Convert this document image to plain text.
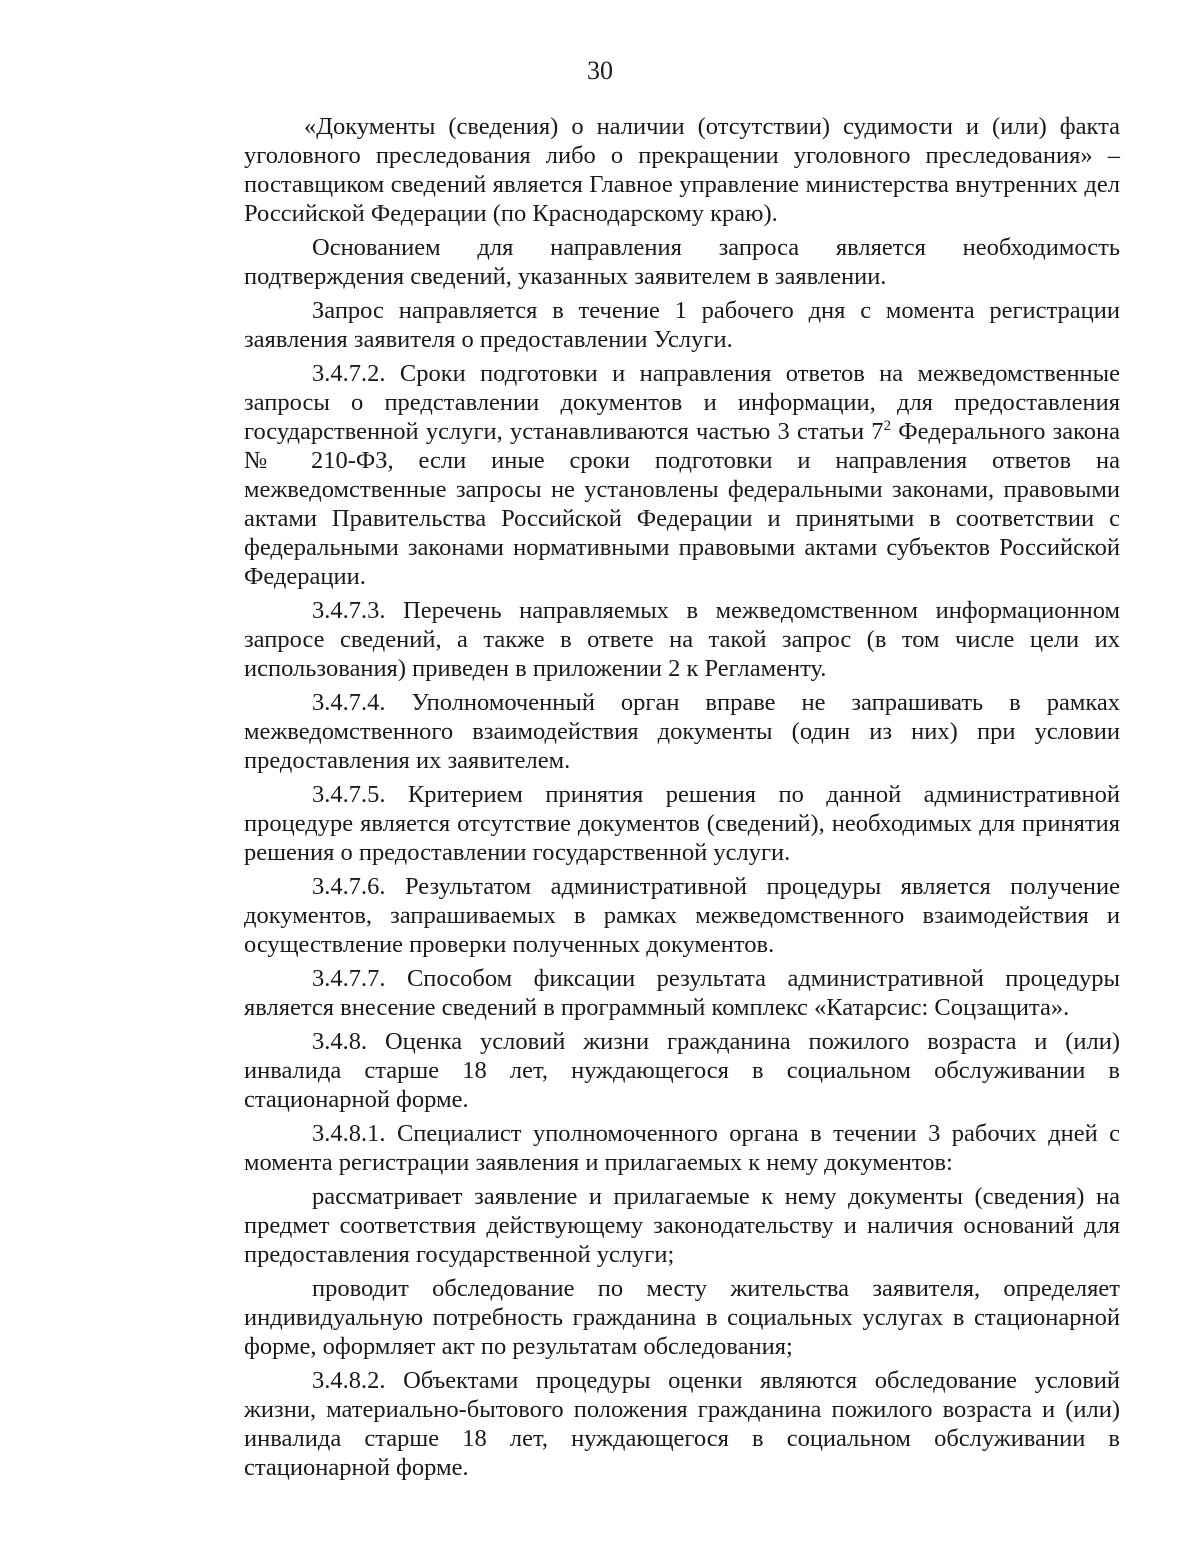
30

«Документы (сведения) о наличии (отсутствии) судимости и (или) факта уголовного преследования либо о прекращении уголовного преследования» – поставщиком сведений является Главное управление министерства внутренних дел Российской Федерации (по Краснодарскому краю).

Основанием для направления запроса является необходимость подтверждения сведений, указанных заявителем в заявлении.

Запрос направляется в течение 1 рабочего дня с момента регистрации заявления заявителя о предоставлении Услуги.

3.4.7.2. Сроки подготовки и направления ответов на межведомственные запросы о представлении документов и информации, для предоставления государственной услуги, устанавливаются частью 3 статьи $7^2$ Федерального закона № 210-ФЗ, если иные сроки подготовки и направления ответов на межведомственные запросы не установлены федеральными законами, правовыми актами Правительства Российской Федерации и принятыми в соответствии с федеральными законами нормативными правовыми актами субъектов Российской Федерации.

3.4.7.3. Перечень направляемых в межведомственном информационном запросе сведений, а также в ответе на такой запрос (в том числе цели их использования) приведен в приложении 2 к Регламенту.

3.4.7.4. Уполномоченный орган вправе не запрашивать в рамках межведомственного взаимодействия документы (один из них) при условии предоставления их заявителем.

3.4.7.5. Критерием принятия решения по данной административной процедуре является отсутствие документов (сведений), необходимых для принятия решения о предоставлении государственной услуги.

3.4.7.6. Результатом административной процедуры является получение документов, запрашиваемых в рамках межведомственного взаимодействия и осуществление проверки полученных документов.

3.4.7.7. Способом фиксации результата административной процедуры является внесение сведений в программный комплекс «Катарсис: Соцзащита».

3.4.8. Оценка условий жизни гражданина пожилого возраста и (или) инвалида старше 18 лет, нуждающегося в социальном обслуживании в стационарной форме.

3.4.8.1. Специалист уполномоченного органа в течении 3 рабочих дней с момента регистрации заявления и прилагаемых к нему документов:

рассматривает заявление и прилагаемые к нему документы (сведения) на предмет соответствия действующему законодательству и наличия оснований для предоставления государственной услуги;

проводит обследование по месту жительства заявителя, определяет индивидуальную потребность гражданина в социальных услугах в стационарной форме, оформляет акт по результатам обследования;

3.4.8.2. Объектами процедуры оценки являются обследование условий жизни, материально-бытового положения гражданина пожилого возраста и (или) инвалида старше 18 лет, нуждающегося в социальном обслуживании в стационарной форме.
